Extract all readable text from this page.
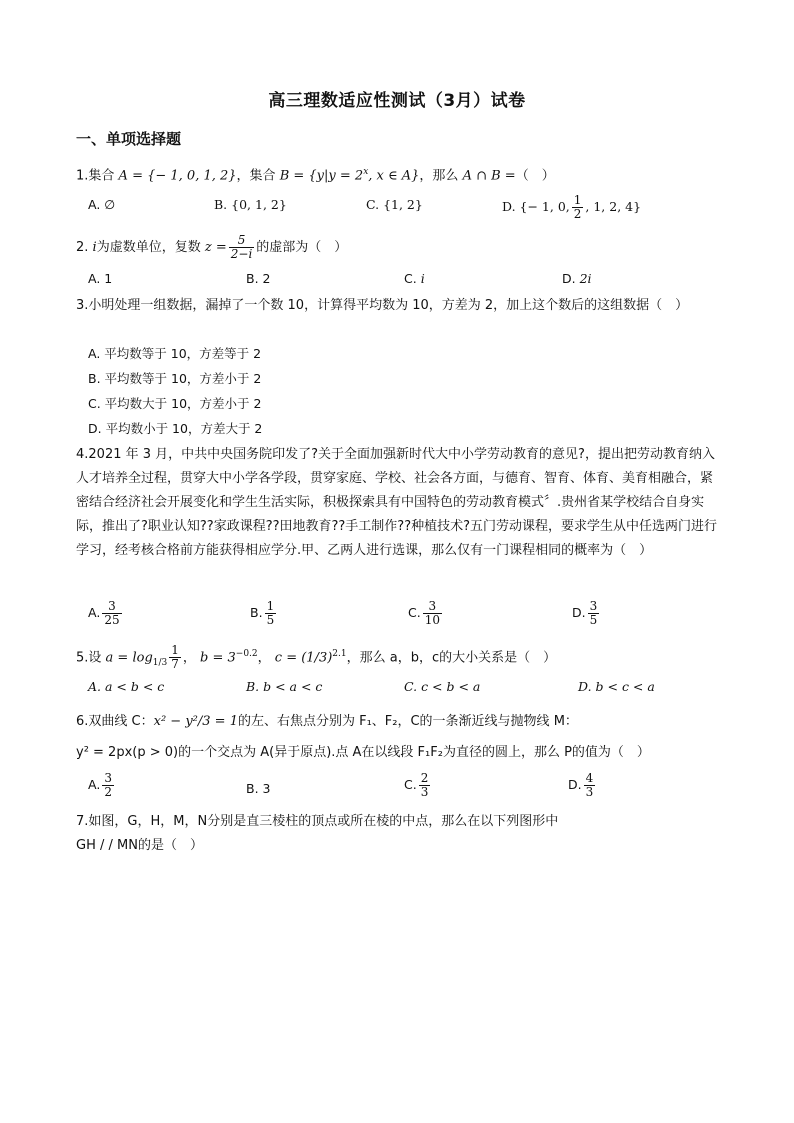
高三理数适应性测试（3月）试卷
一、单项选择题
1.集合 A = {− 1, 0, 1, 2}，集合 $B = \{y|y = 2^x$, x ∈ A}，那么 A ∩ B =（　）
A. ∅	B. {0, 1, 2}	C. {1, 2}	D. {− 1, 0, $\frac{1}{2}$ , 1, 2, 4}
2. i为虚数单位，复数 $z = \frac{5}{2-i}$ 的虚部为（　）
A. 1	B. 2	C. i	D. 2i
3.小明处理一组数据，漏掉了一个数 10，计算得平均数为 10，方差为 2，加上这个数后的这组数据（　）
A. 平均数等于 10，方差等于 2
B. 平均数等于 10，方差小于 2
C. 平均数大于 10，方差小于 2
D. 平均数小于 10，方差大于 2
4.2021 年 3 月，中共中央国务院印发了?关于全面加强新时代大中小学劳动教育的意见?，提出把劳动教育纳入人才培养全过程，贯穿大中小学各学段，贯穿家庭、学校、社会各方面，与德育、智育、体育、美育相融合，紧密结合经济社会开展变化和学生生活实际，积极探索具有中国特色的劳动教育模式〞.贵州省某学校结合自身实际，推出了?职业认知??家政课程??田地教育??手工制作??种植技术?五门劳动课程，要求学生从中任选两门进行学习，经考核合格前方能获得相应学分.甲、乙两人进行选课，那么仅有一门课程相同的概率为（　）
A. $\frac{3}{25}$	B. $\frac{1}{5}$	C. $\frac{3}{10}$	D. $\frac{3}{5}$
5.设 $a = \log_{1/3} \frac{1}{7}$ ， $b = 3^{-0.2}$， $c = (1/3)^{2.1}$，那么 a，b，c的大小关系是（　）
A. a < b < c	B. b < a < c	C. c < b < a	D. b < c < a
6.双曲线 C：x² − y²/3 = 1的左、右焦点分别为 F₁、F₂，C的一条渐近线与抛物线 M：
y² = 2px(p > 0)的一个交点为 A(异于原点).点 A在以线段 F₁F₂为直径的圆上，那么 P的值为（　）
A. $\frac{3}{2}$	B. 3	C. $\frac{2}{3}$	D. $\frac{4}{3}$
7.如图，G，H，M，N分别是直三棱柱的顶点或所在棱的中点，那么在以下列图形中
GH / / MN的是（　）
